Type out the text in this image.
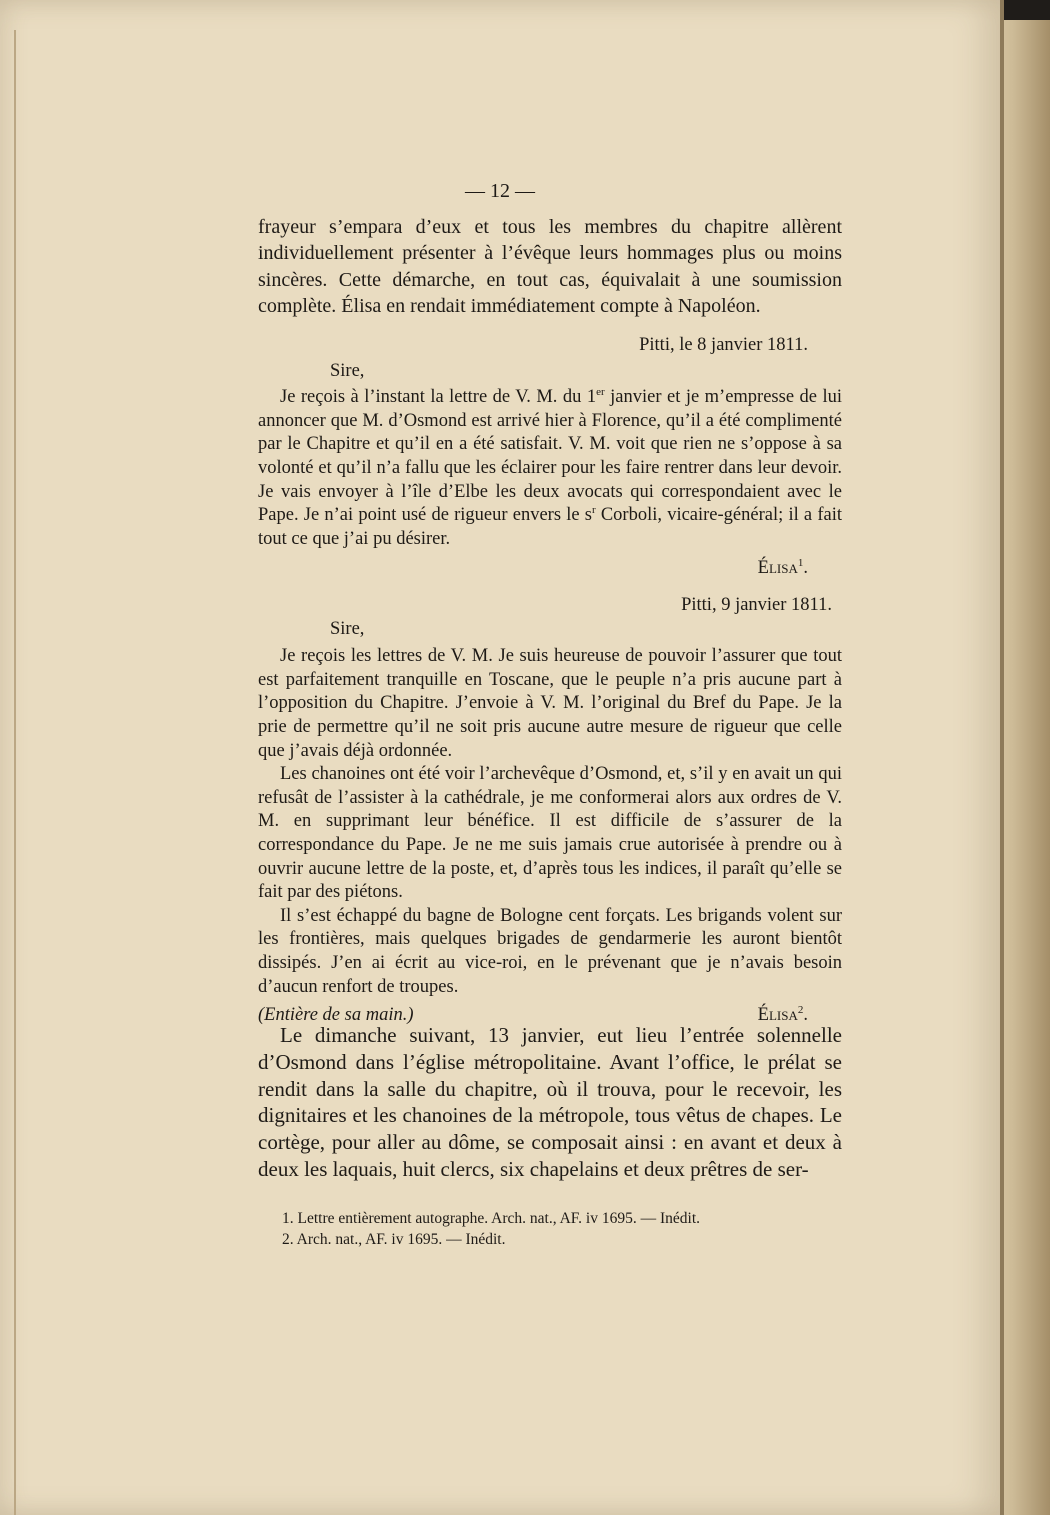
— 12 —

frayeur s’empara d’eux et tous les membres du chapitre allèrent individuellement présenter à l’évêque leurs hommages plus ou moins sincères. Cette démarche, en tout cas, équivalait à une soumission complète. Élisa en rendait immédiatement compte à Napoléon.

Pitti, le 8 janvier 1811.

Sire,

Je reçois à l’instant la lettre de V. M. du 1er janvier et je m’empresse de lui annoncer que M. d’Osmond est arrivé hier à Florence, qu’il a été complimenté par le Chapitre et qu’il en a été satisfait. V. M. voit que rien ne s’oppose à sa volonté et qu’il n’a fallu que les éclairer pour les faire rentrer dans leur devoir. Je vais envoyer à l’île d’Elbe les deux avocats qui correspondaient avec le Pape. Je n’ai point usé de rigueur envers le $s^r$ Corboli, vicaire-général; il a fait tout ce que j’ai pu désirer.

Élisa$^1$.

Pitti, 9 janvier 1811.

Sire,

Je reçois les lettres de V. M. Je suis heureuse de pouvoir l’assurer que tout est parfaitement tranquille en Toscane, que le peuple n’a pris aucune part à l’opposition du Chapitre. J’envoie à V. M. l’original du Bref du Pape. Je la prie de permettre qu’il ne soit pris aucune autre mesure de rigueur que celle que j’avais déjà ordonnée.

Les chanoines ont été voir l’archevêque d’Osmond, et, s’il y en avait un qui refusât de l’assister à la cathédrale, je me conformerai alors aux ordres de V. M. en supprimant leur bénéfice. Il est difficile de s’assurer de la correspondance du Pape. Je ne me suis jamais crue autorisée à prendre ou à ouvrir aucune lettre de la poste, et, d’après tous les indices, il paraît qu’elle se fait par des piétons.

Il s’est échappé du bagne de Bologne cent forçats. Les brigands volent sur les frontières, mais quelques brigades de gendarmerie les auront bientôt dissipés. J’en ai écrit au vice-roi, en le prévenant que je n’avais besoin d’aucun renfort de troupes.

(Entière de sa main.)	Élisa$^2$.

Le dimanche suivant, 13 janvier, eut lieu l’entrée solennelle d’Osmond dans l’église métropolitaine. Avant l’office, le prélat se rendit dans la salle du chapitre, où il trouva, pour le recevoir, les dignitaires et les chanoines de la métropole, tous vêtus de chapes. Le cortège, pour aller au dôme, se composait ainsi : en avant et deux à deux les laquais, huit clercs, six chapelains et deux prêtres de ser-

1. Lettre entièrement autographe. Arch. nat., AF. iv 1695. — Inédit.

2. Arch. nat., AF. iv 1695. — Inédit.
